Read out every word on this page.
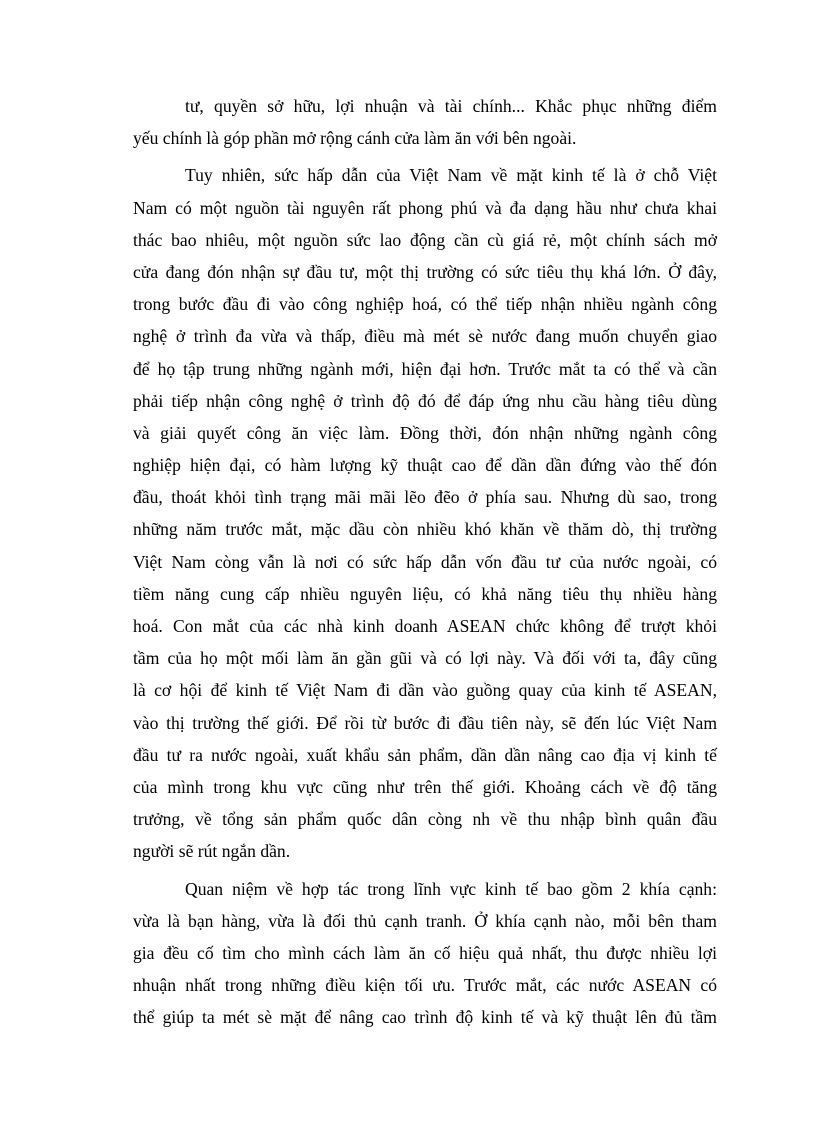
tư, quyền sở hữu, lợi nhuận và tài chính... Khắc phục những điểm
yếu chính là góp phần mở rộng cánh cửa làm ăn với bên ngoài.
Tuy nhiên, sức hấp dẫn của Việt Nam về mặt kinh tế là ở chỗ Việt
Nam có một nguồn tài nguyên rất phong phú và đa dạng hầu như chưa khai
thác bao nhiêu, một nguồn sức lao động cần cù giá rẻ, một chính sách mở
cửa đang đón nhận sự đầu tư, một thị trường có sức tiêu thụ khá lớn. Ở đây,
trong bước đầu đi vào công nghiệp hoá, có thể tiếp nhận nhiều ngành công
nghệ ở trình đa vừa và thấp, điều mà mét sè nước đang muốn chuyển giao
để họ tập trung những ngành mới, hiện đại hơn. Trước mắt ta có thể và cần
phải tiếp nhận công nghệ ở trình độ đó để đáp ứng nhu cầu hàng tiêu dùng
và giải quyết công ăn việc làm. Đồng thời, đón nhận những ngành công
nghiệp hiện đại, có hàm lượng kỹ thuật cao để dần dần đứng vào thế đón
đầu, thoát khỏi tình trạng mãi mãi lẽo đẽo ở phía sau. Nhưng dù sao, trong
những năm trước mắt, mặc dầu còn nhiều khó khăn về thăm dò, thị trường
Việt Nam còng vẫn là nơi có sức hấp dẫn vốn đầu tư của nước ngoài, có
tiềm năng cung cấp nhiều nguyên liệu, có khả năng tiêu thụ nhiều hàng
hoá. Con mắt của các nhà kinh doanh ASEAN chức không để trượt khỏi
tầm của họ một mối làm ăn gần gũi và có lợi này. Và đối với ta, đây cũng
là cơ hội để kinh tế Việt Nam đi dần vào guồng quay của kinh tế ASEAN,
vào thị trường thế giới. Để rồi từ bước đi đầu tiên này, sẽ đến lúc Việt Nam
đầu tư ra nước ngoài, xuất khẩu sản phẩm, dần dần nâng cao địa vị kinh tế
của mình trong khu vực cũng như trên thế giới. Khoảng cách về độ tăng
trưởng, về tổng sản phẩm quốc dân còng nh về thu nhập bình quân đầu
người sẽ rút ngắn dần.
Quan niệm về hợp tác trong lĩnh vực kinh tế bao gồm 2 khía cạnh:
vừa là bạn hàng, vừa là đối thủ cạnh tranh. Ở khía cạnh nào, mỗi bên tham
gia đều cố tìm cho mình cách làm ăn cố hiệu quả nhất, thu được nhiều lợi
nhuận nhất trong những điều kiện tối ưu. Trước mắt, các nước ASEAN có
thể giúp ta mét sè mặt để nâng cao trình độ kinh tế và kỹ thuật lên đủ tầm
